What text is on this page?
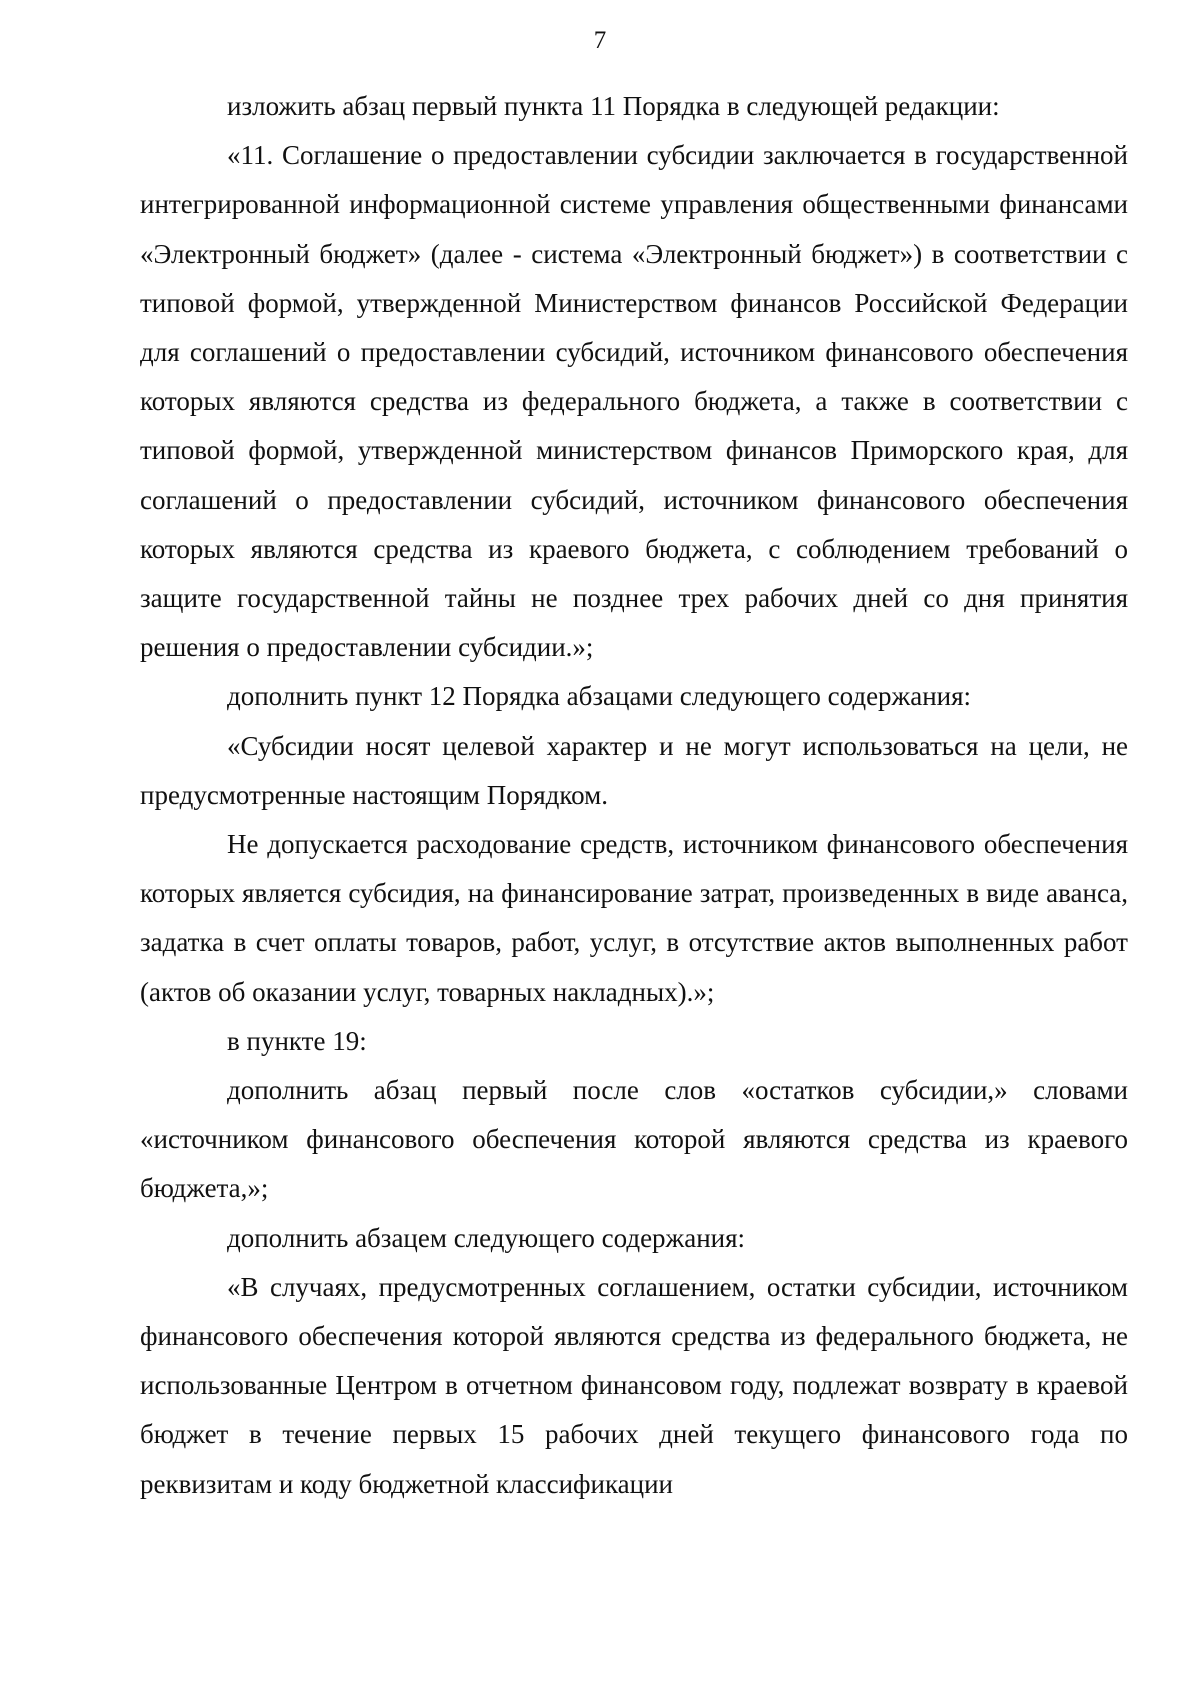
7

изложить абзац первый пункта 11 Порядка в следующей редакции:

«11. Соглашение о предоставлении субсидии заключается в государственной интегрированной информационной системе управления общественными финансами «Электронный бюджет» (далее - система «Электронный бюджет») в соответствии с типовой формой, утвержденной Министерством финансов Российской Федерации для соглашений о предоставлении субсидий, источником финансового обеспечения которых являются средства из федерального бюджета, а также в соответствии с типовой формой, утвержденной министерством финансов Приморского края, для соглашений о предоставлении субсидий, источником финансового обеспечения которых являются средства из краевого бюджета, с соблюдением требований о защите государственной тайны не позднее трех рабочих дней со дня принятия решения о предоставлении субсидии.»;

дополнить пункт 12 Порядка абзацами следующего содержания:

«Субсидии носят целевой характер и не могут использоваться на цели, не предусмотренные настоящим Порядком.

Не допускается расходование средств, источником финансового обеспечения которых является субсидия, на финансирование затрат, произведенных в виде аванса, задатка в счет оплаты товаров, работ, услуг, в отсутствие актов выполненных работ (актов об оказании услуг, товарных накладных).»;

в пункте 19:

дополнить абзац первый после слов «остатков субсидии,» словами «источником финансового обеспечения которой являются средства из краевого бюджета,»;

дополнить абзацем следующего содержания:

«В случаях, предусмотренных соглашением, остатки субсидии, источником финансового обеспечения которой являются средства из федерального бюджета, не использованные Центром в отчетном финансовом году, подлежат возврату в краевой бюджет в течение первых 15 рабочих дней текущего финансового года по реквизитам и коду бюджетной классификации
